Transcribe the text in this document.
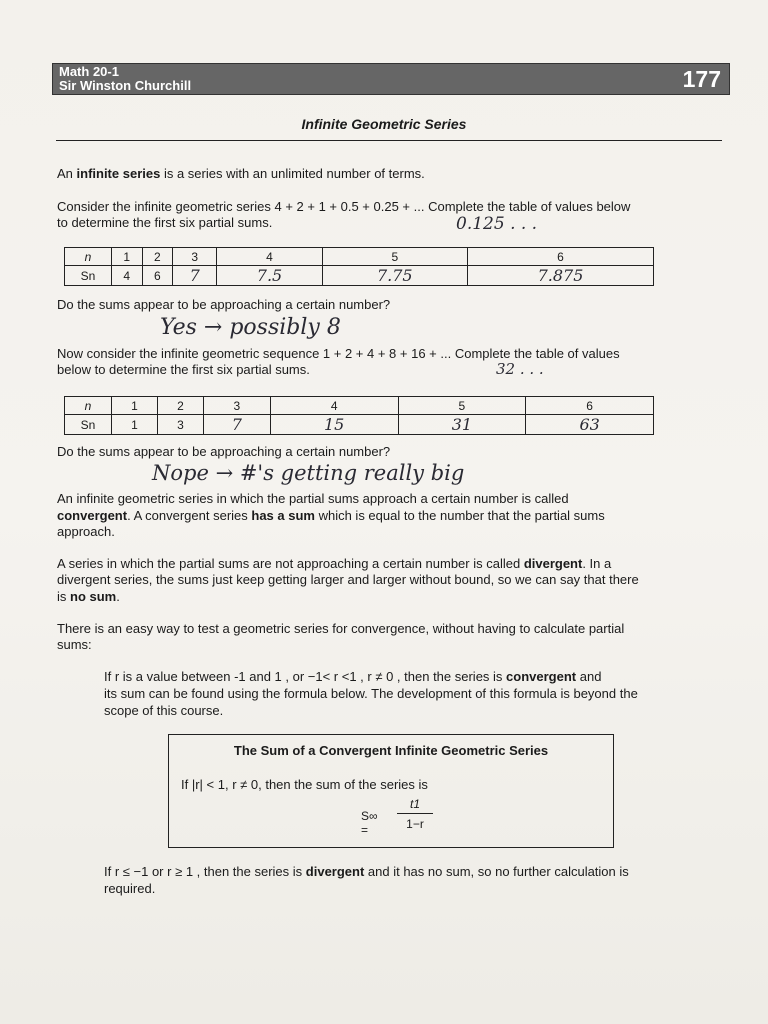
Math 20-1
Sir Winston Churchill	177
Infinite Geometric Series
An infinite series is a series with an unlimited number of terms.
Consider the infinite geometric series 4 + 2 + 1 + 0.5 + 0.25 + ... Complete the table of values below
to determine the first six partial sums.	0.125 . . .
n	1	2	3	4	5	6
Sn	4	6	7	7.5	7.75	7.875
Do the sums appear to be approaching a certain number?
Yes → possibly 8
Now consider the infinite geometric sequence 1 + 2 + 4 + 8 + 16 + ... Complete the table of values
below to determine the first six partial sums.	32 . . .
n	1	2	3	4	5	6
Sn	1	3	7	15	31	63
Do the sums appear to be approaching a certain number?
Nope → #'s getting really big
An infinite geometric series in which the partial sums approach a certain number is called
convergent. A convergent series has a sum which is equal to the number that the partial sums
approach.
A series in which the partial sums are not approaching a certain number is called divergent. In a
divergent series, the sums just keep getting larger and larger without bound, so we can say that there
is no sum.
There is an easy way to test a geometric series for convergence, without having to calculate partial
sums:
If r is a value between -1 and 1 , or −1< r <1 , r ≠ 0 , then the series is convergent and
its sum can be found using the formula below. The development of this formula is beyond the
scope of this course.
The Sum of a Convergent Infinite Geometric Series
If |r| < 1, r ≠ 0, then the sum of the series is
S∞ =
t1
1−r
If r ≤ −1 or r ≥ 1 , then the series is divergent and it has no sum, so no further calculation is
required.
